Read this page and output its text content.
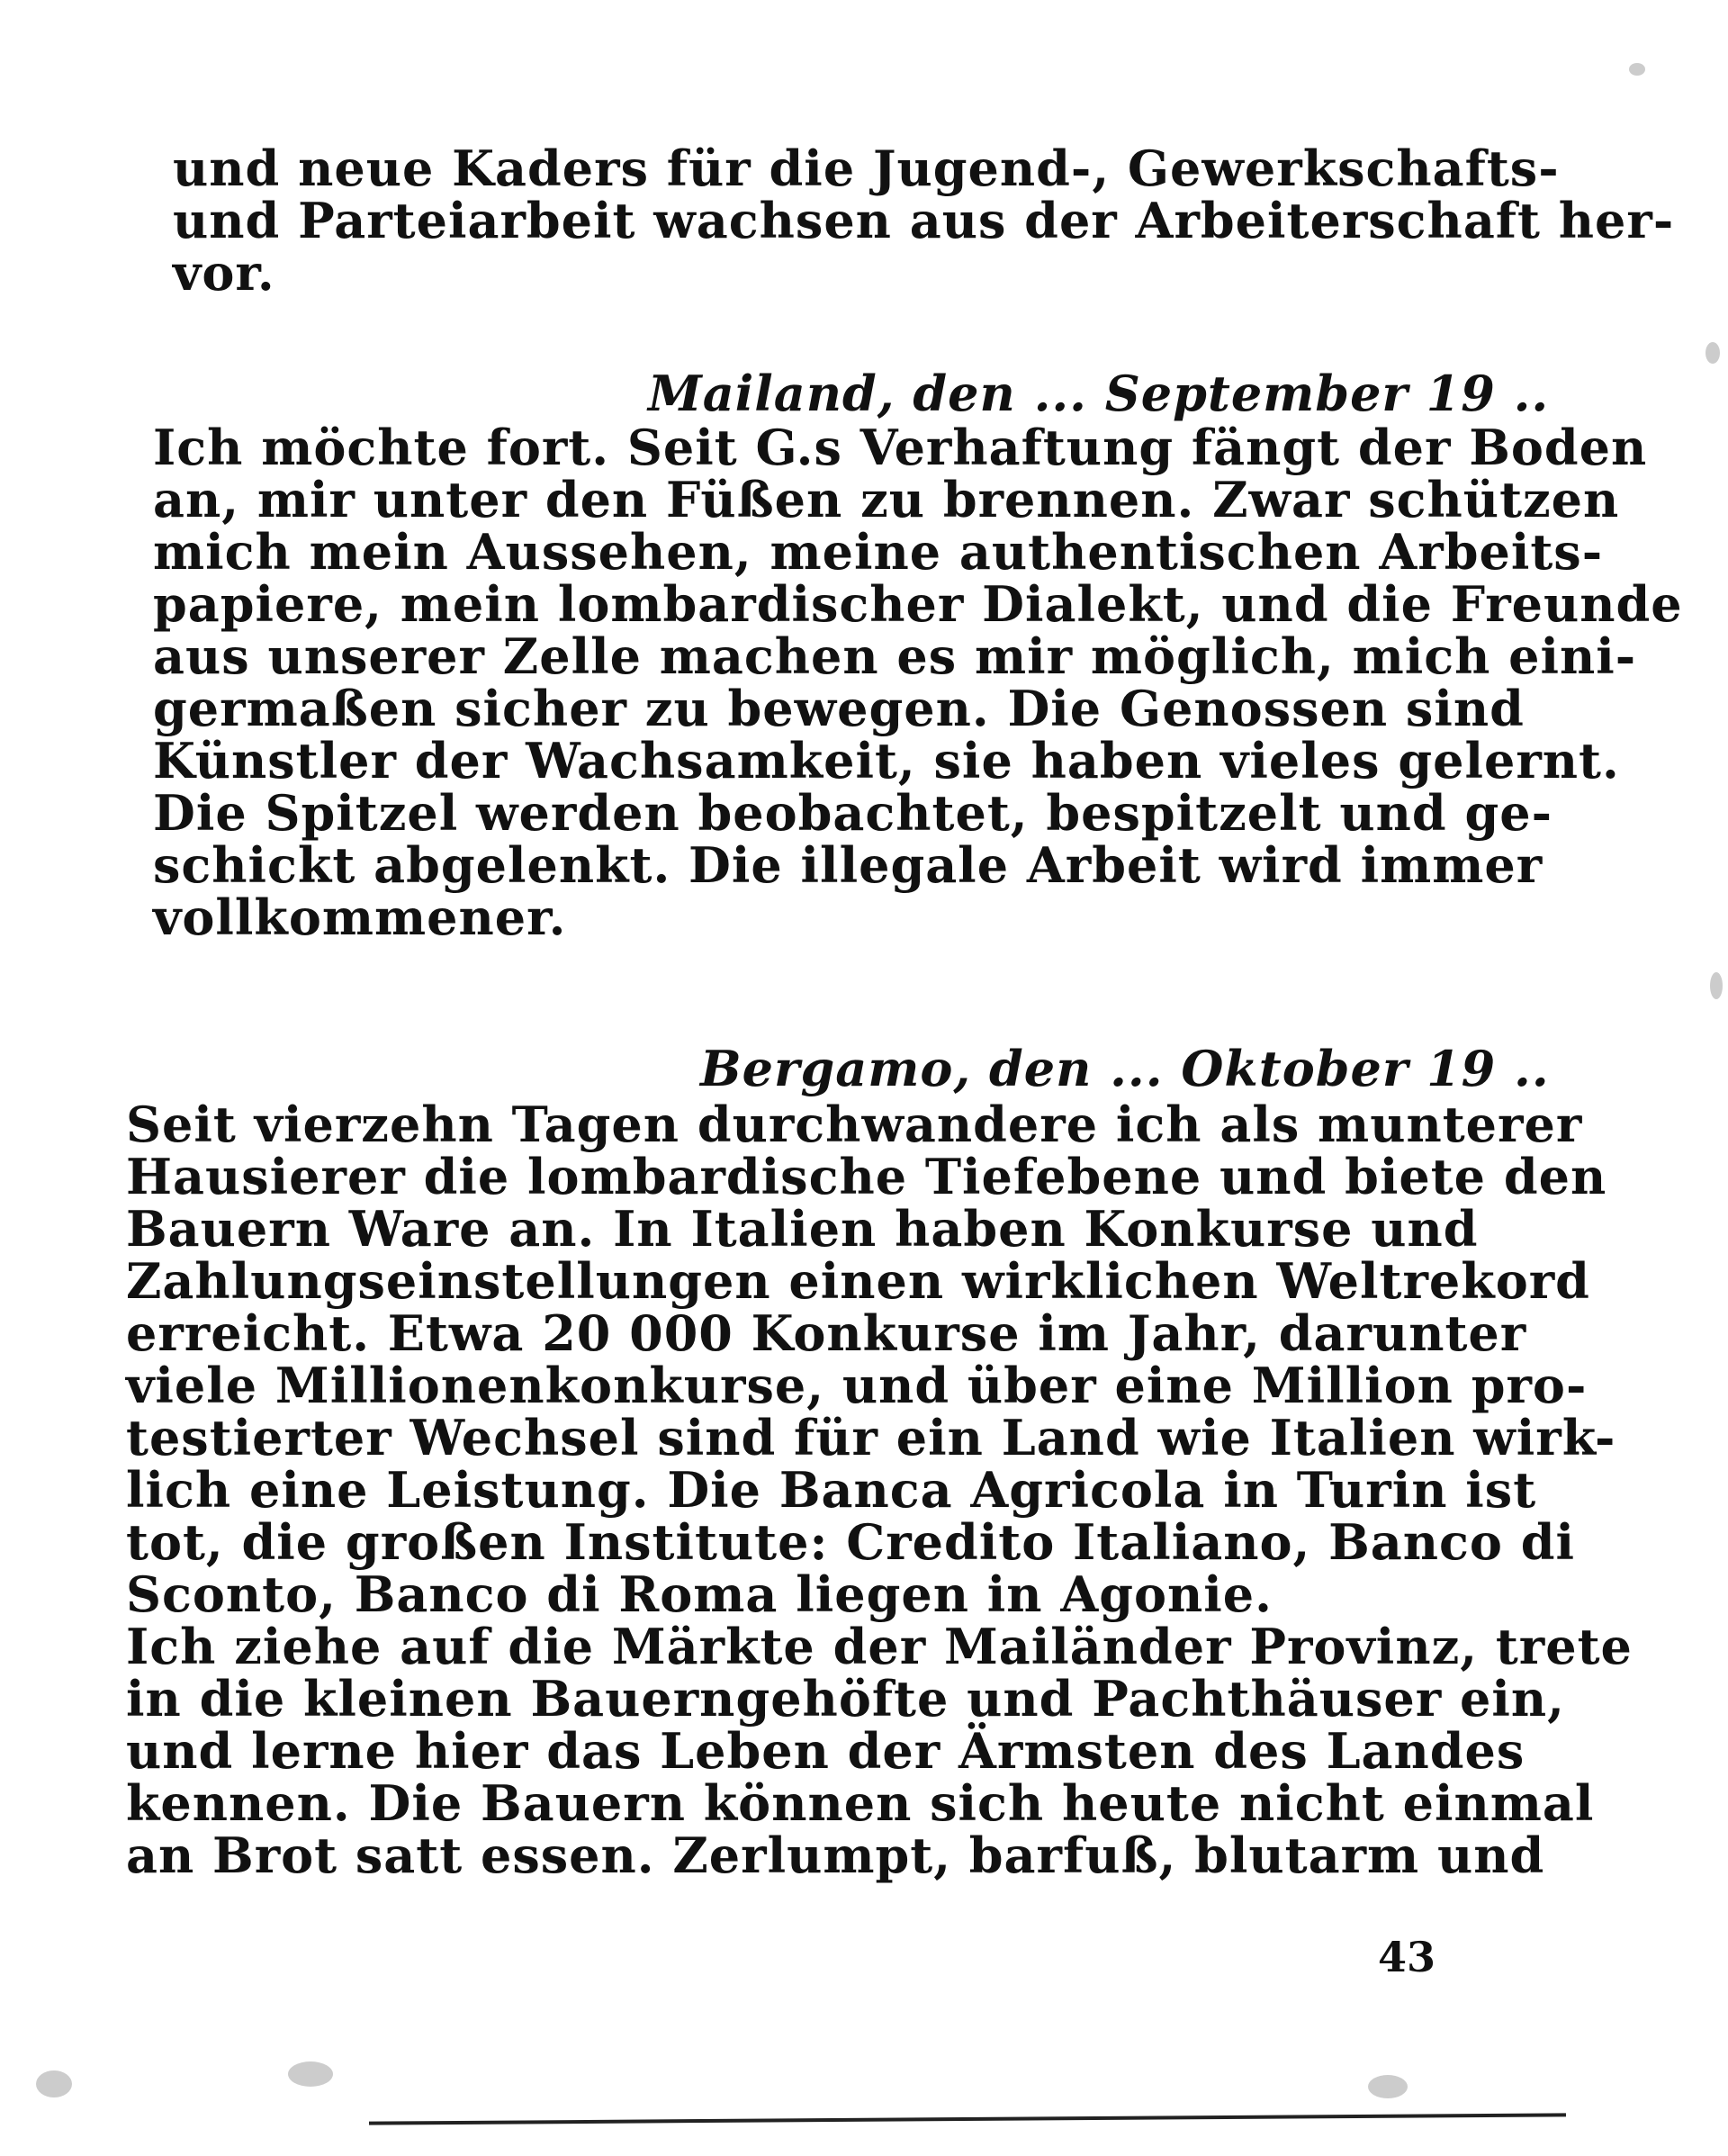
und neue Kaders für die Jugend-, Gewerkschafts-
und Parteiarbeit wachsen aus der Arbeiterschaft her-
vor.
Mailand, den ... September 19 ..
Ich möchte fort. Seit G.s Verhaftung fängt der Boden
an, mir unter den Füßen zu brennen. Zwar schützen
mich mein Aussehen, meine authentischen Arbeits-
papiere, mein lombardischer Dialekt, und die Freunde
aus unserer Zelle machen es mir möglich, mich eini-
germaßen sicher zu bewegen. Die Genossen sind
Künstler der Wachsamkeit, sie haben vieles gelernt.
Die Spitzel werden beobachtet, bespitzelt und ge-
schickt abgelenkt. Die illegale Arbeit wird immer
vollkommener.
Bergamo, den ... Oktober 19 ..
Seit vierzehn Tagen durchwandere ich als munterer
Hausierer die lombardische Tiefebene und biete den
Bauern Ware an. In Italien haben Konkurse und
Zahlungseinstellungen einen wirklichen Weltrekord
erreicht. Etwa 20 000 Konkurse im Jahr, darunter
viele Millionenkonkurse, und über eine Million pro-
testierter Wechsel sind für ein Land wie Italien wirk-
lich eine Leistung. Die Banca Agricola in Turin ist
tot, die großen Institute: Credito Italiano, Banco di
Sconto, Banco di Roma liegen in Agonie.
Ich ziehe auf die Märkte der Mailänder Provinz, trete
in die kleinen Bauerngehöfte und Pachthäuser ein,
und lerne hier das Leben der Ärmsten des Landes
kennen. Die Bauern können sich heute nicht einmal
an Brot satt essen. Zerlumpt, barfuß, blutarm und
43
